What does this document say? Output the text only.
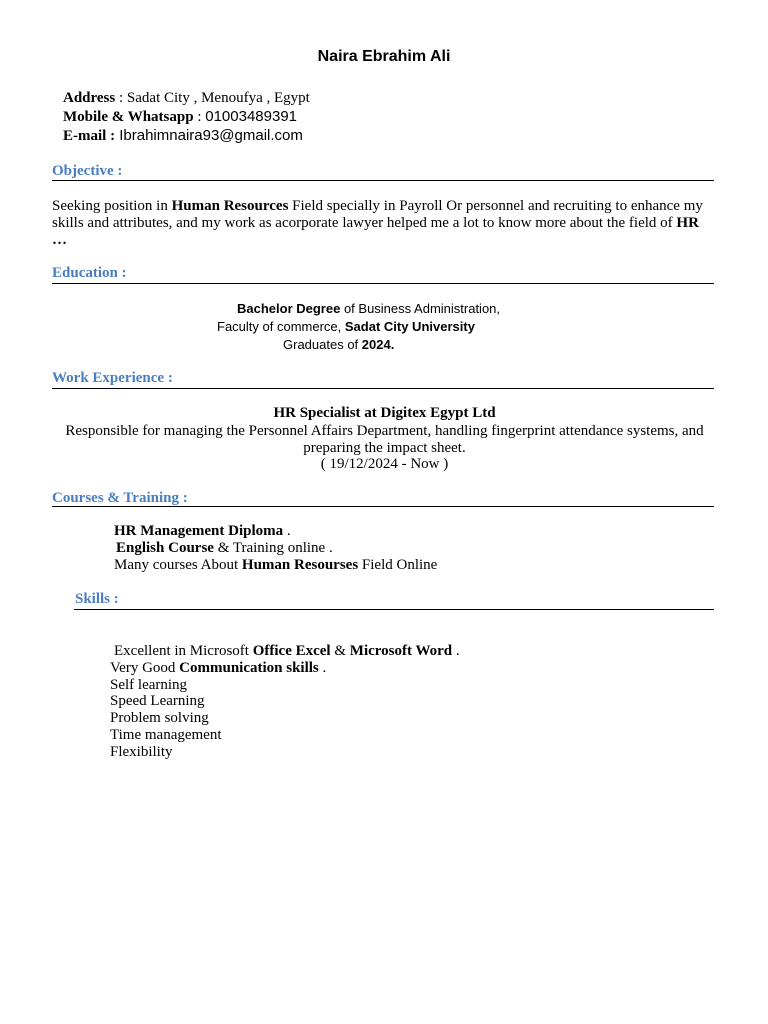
Naira Ebrahim Ali
Address : Sadat City , Menoufya , Egypt
Mobile & Whatsapp : 01003489391
E-mail : Ibrahimnaira93@gmail.com
Objective :
Seeking position in Human Resources Field specially in Payroll Or personnel and recruiting to enhance my skills and attributes, and my work as acorporate lawyer helped me a lot to know more about the field of HR …
Education :
Bachelor Degree of Business Administration,
Faculty of commerce, Sadat City University
Graduates of 2024.
Work Experience :
HR Specialist at Digitex Egypt Ltd
Responsible for managing the Personnel Affairs Department, handling fingerprint attendance systems, and preparing the impact sheet.
( 19/12/2024 - Now )
Courses & Training :
HR Management Diploma .
English Course & Training online .
Many courses About Human Resourses Field Online
Skills :
Excellent in Microsoft Office Excel & Microsoft Word .
Very Good Communication skills .
Self learning
Speed Learning
Problem solving
Time management
Flexibility
